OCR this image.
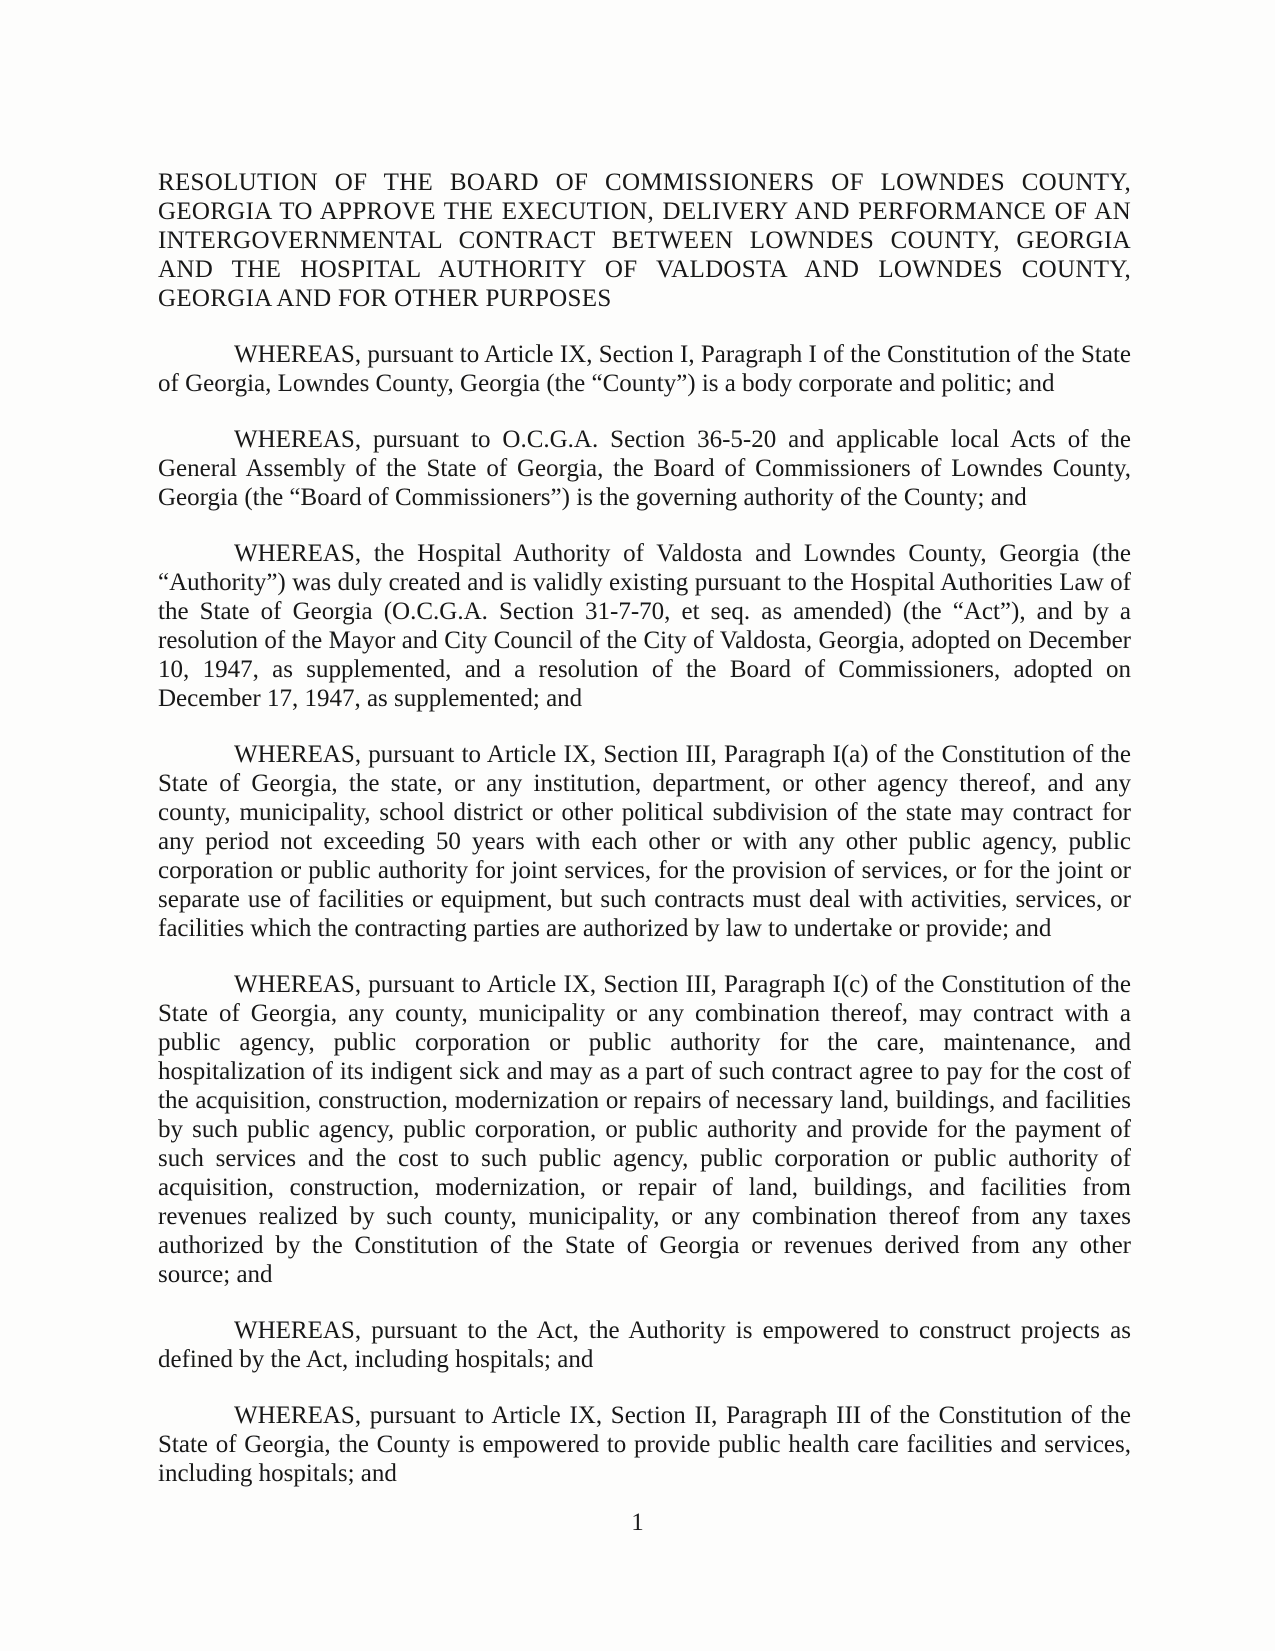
RESOLUTION OF THE BOARD OF COMMISSIONERS OF LOWNDES COUNTY, GEORGIA TO APPROVE THE EXECUTION, DELIVERY AND PERFORMANCE OF AN INTERGOVERNMENTAL CONTRACT BETWEEN LOWNDES COUNTY, GEORGIA AND THE HOSPITAL AUTHORITY OF VALDOSTA AND LOWNDES COUNTY, GEORGIA AND FOR OTHER PURPOSES

WHEREAS, pursuant to Article IX, Section I, Paragraph I of the Constitution of the State of Georgia, Lowndes County, Georgia (the “County”) is a body corporate and politic; and

WHEREAS, pursuant to O.C.G.A. Section 36-5-20 and applicable local Acts of the General Assembly of the State of Georgia, the Board of Commissioners of Lowndes County, Georgia (the “Board of Commissioners”) is the governing authority of the County; and

WHEREAS, the Hospital Authority of Valdosta and Lowndes County, Georgia (the “Authority”) was duly created and is validly existing pursuant to the Hospital Authorities Law of the State of Georgia (O.C.G.A. Section 31-7-70, et seq. as amended) (the “Act”), and by a resolution of the Mayor and City Council of the City of Valdosta, Georgia, adopted on December 10, 1947, as supplemented, and a resolution of the Board of Commissioners, adopted on December 17, 1947, as supplemented; and

WHEREAS, pursuant to Article IX, Section III, Paragraph I(a) of the Constitution of the State of Georgia, the state, or any institution, department, or other agency thereof, and any county, municipality, school district or other political subdivision of the state may contract for any period not exceeding 50 years with each other or with any other public agency, public corporation or public authority for joint services, for the provision of services, or for the joint or separate use of facilities or equipment, but such contracts must deal with activities, services, or facilities which the contracting parties are authorized by law to undertake or provide; and

WHEREAS, pursuant to Article IX, Section III, Paragraph I(c) of the Constitution of the State of Georgia, any county, municipality or any combination thereof, may contract with a public agency, public corporation or public authority for the care, maintenance, and hospitalization of its indigent sick and may as a part of such contract agree to pay for the cost of the acquisition, construction, modernization or repairs of necessary land, buildings, and facilities by such public agency, public corporation, or public authority and provide for the payment of such services and the cost to such public agency, public corporation or public authority of acquisition, construction, modernization, or repair of land, buildings, and facilities from revenues realized by such county, municipality, or any combination thereof from any taxes authorized by the Constitution of the State of Georgia or revenues derived from any other source; and

WHEREAS, pursuant to the Act, the Authority is empowered to construct projects as defined by the Act, including hospitals; and

WHEREAS, pursuant to Article IX, Section II, Paragraph III of the Constitution of the State of Georgia, the County is empowered to provide public health care facilities and services, including hospitals; and

1
